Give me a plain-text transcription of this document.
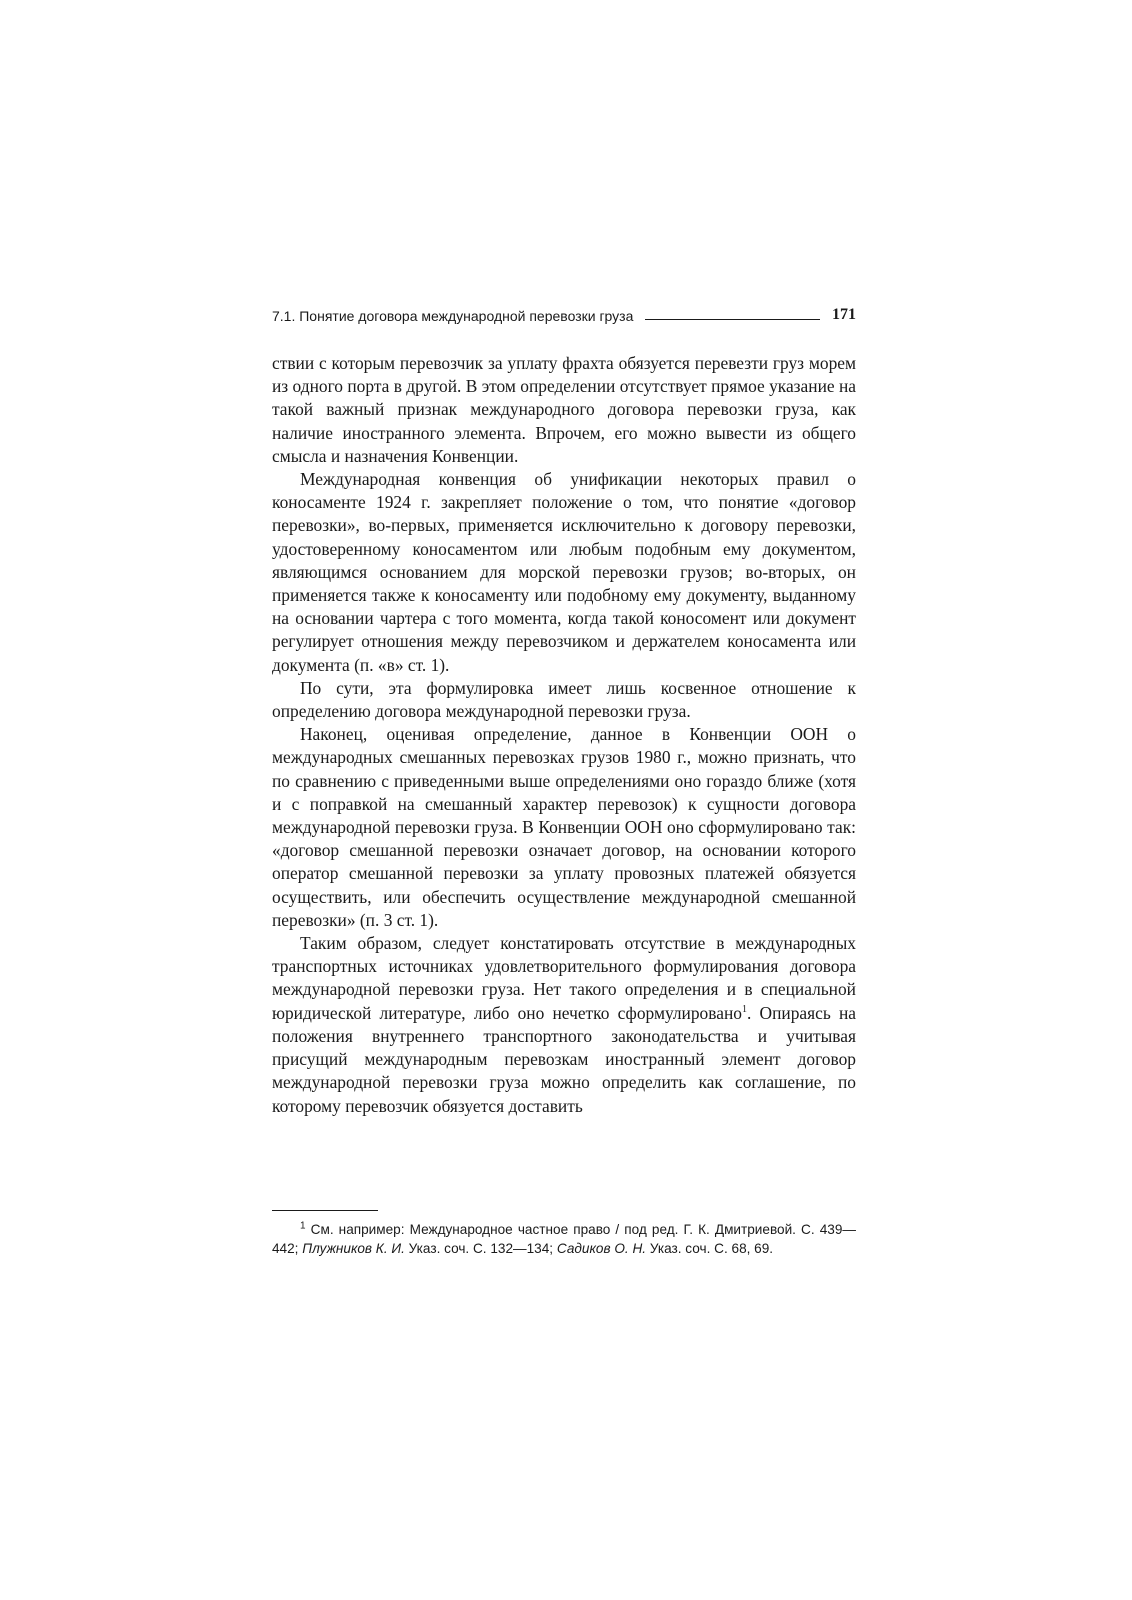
7.1. Понятие договора международной перевозки груза	171

ствии с которым перевозчик за уплату фрахта обязуется перевезти груз морем из одного порта в другой. В этом определении отсутствует прямое указание на такой важный признак международного договора перевозки груза, как наличие иностранного элемента. Впрочем, его можно вывести из общего смысла и назначения Конвенции.

Международная конвенция об унификации некоторых правил о коносаменте 1924 г. закрепляет положение о том, что понятие «договор перевозки», во-первых, применяется исключительно к договору перевозки, удостоверенному коносаментом или любым подобным ему документом, являющимся основанием для морской перевозки грузов; во-вторых, он применяется также к коносаменту или подобному ему документу, выданному на основании чартера с того момента, когда такой коносомент или документ регулирует отношения между перевозчиком и держателем коносамента или документа (п. «в» ст. 1).

По сути, эта формулировка имеет лишь косвенное отношение к определению договора международной перевозки груза.

Наконец, оценивая определение, данное в Конвенции ООН о международных смешанных перевозках грузов 1980 г., можно признать, что по сравнению с приведенными выше определениями оно гораздо ближе (хотя и с поправкой на смешанный характер перевозок) к сущности договора международной перевозки груза. В Конвенции ООН оно сформулировано так: «договор смешанной перевозки означает договор, на основании которого оператор смешанной перевозки за уплату провозных платежей обязуется осуществить, или обеспечить осуществление международной смешанной перевозки» (п. 3 ст. 1).

Таким образом, следует констатировать отсутствие в международных транспортных источниках удовлетворительного формулирования договора международной перевозки груза. Нет такого определения и в специальной юридической литературе, либо оно нечетко сформулировано$^1$. Опираясь на положения внутреннего транспортного законодательства и учитывая присущий международным перевозкам иностранный элемент договор международной перевозки груза можно определить как соглашение, по которому перевозчик обязуется доставить

$^1$ См. например: Международное частное право / под ред. Г. К. Дмитриевой. С. 439—442; Плужников К. И. Указ. соч. С. 132—134; Садиков О. Н. Указ. соч. С. 68, 69.
